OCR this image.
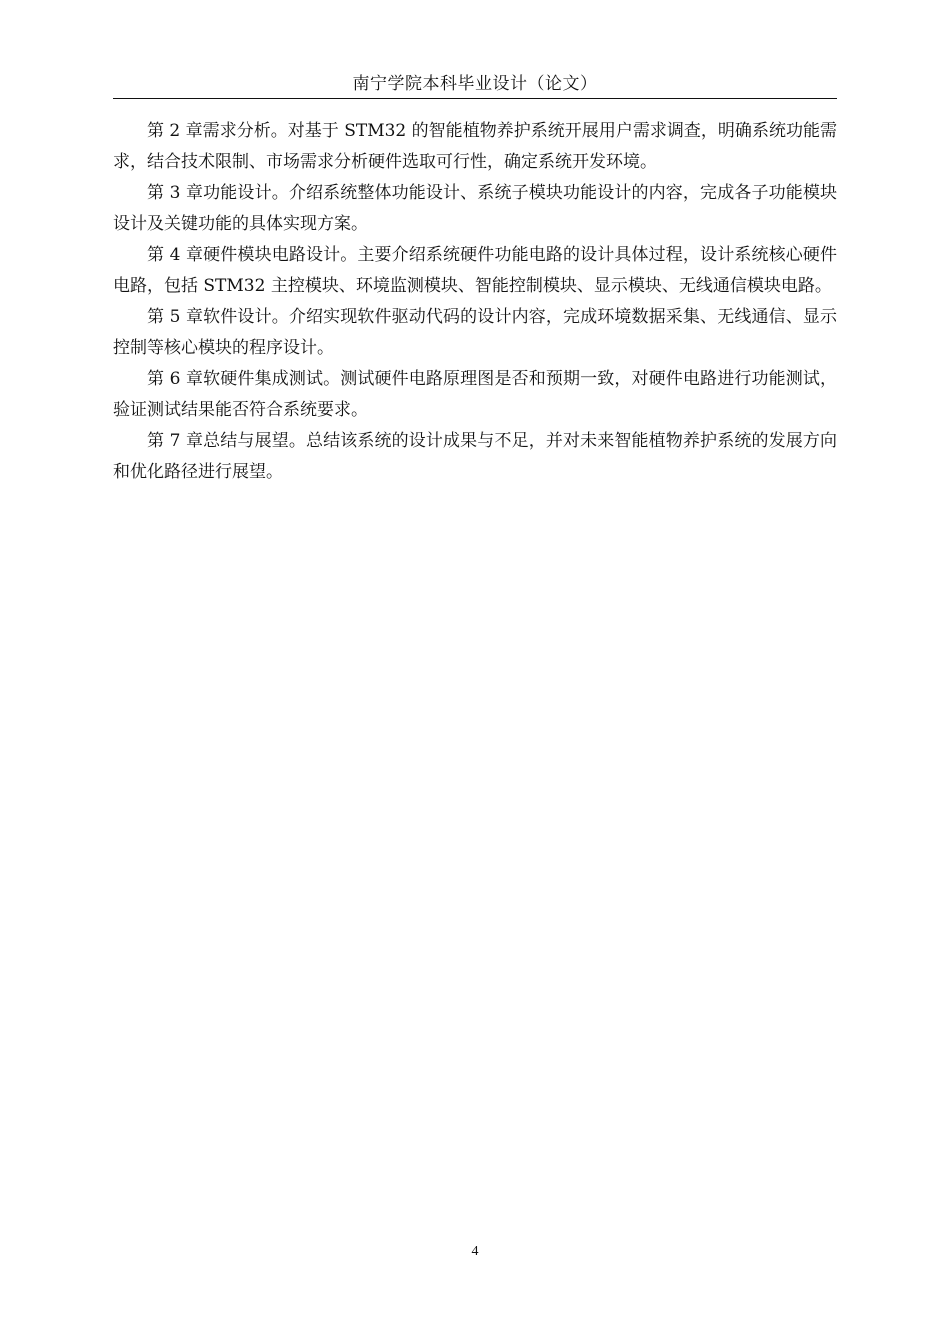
南宁学院本科毕业设计（论文）

第 2 章需求分析。对基于 STM32 的智能植物养护系统开展用户需求调查，明确系统功能需求，结合技术限制、市场需求分析硬件选取可行性，确定系统开发环境。

第 3 章功能设计。介绍系统整体功能设计、系统子模块功能设计的内容，完成各子功能模块设计及关键功能的具体实现方案。

第 4 章硬件模块电路设计。主要介绍系统硬件功能电路的设计具体过程，设计系统核心硬件电路，包括 STM32 主控模块、环境监测模块、智能控制模块、显示模块、无线通信模块电路。

第 5 章软件设计。介绍实现软件驱动代码的设计内容，完成环境数据采集、无线通信、显示控制等核心模块的程序设计。

第 6 章软硬件集成测试。测试硬件电路原理图是否和预期一致，对硬件电路进行功能测试，验证测试结果能否符合系统要求。

第 7 章总结与展望。总结该系统的设计成果与不足，并对未来智能植物养护系统的发展方向和优化路径进行展望。

4
